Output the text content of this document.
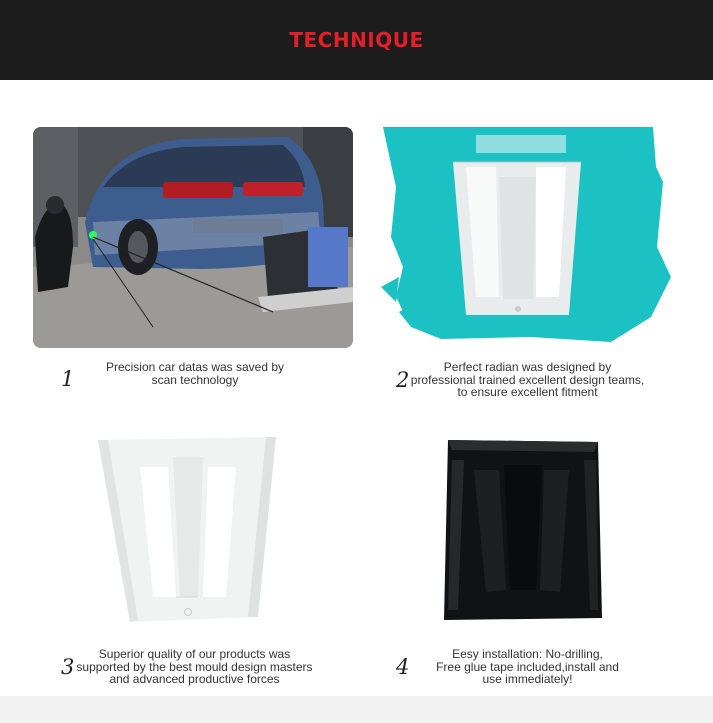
TECHNIQUE
1	Precision car datas was saved by
scan technology	2
Perfect radian was designed by
professional trained excellent design teams,
to ensure excellent fitment
3
Superior quality of our products was
supported by the best mould design masters
and advanced productive forces	4
Eesy installation: No-drilling,
Free glue tape included,install and
use immediately!
